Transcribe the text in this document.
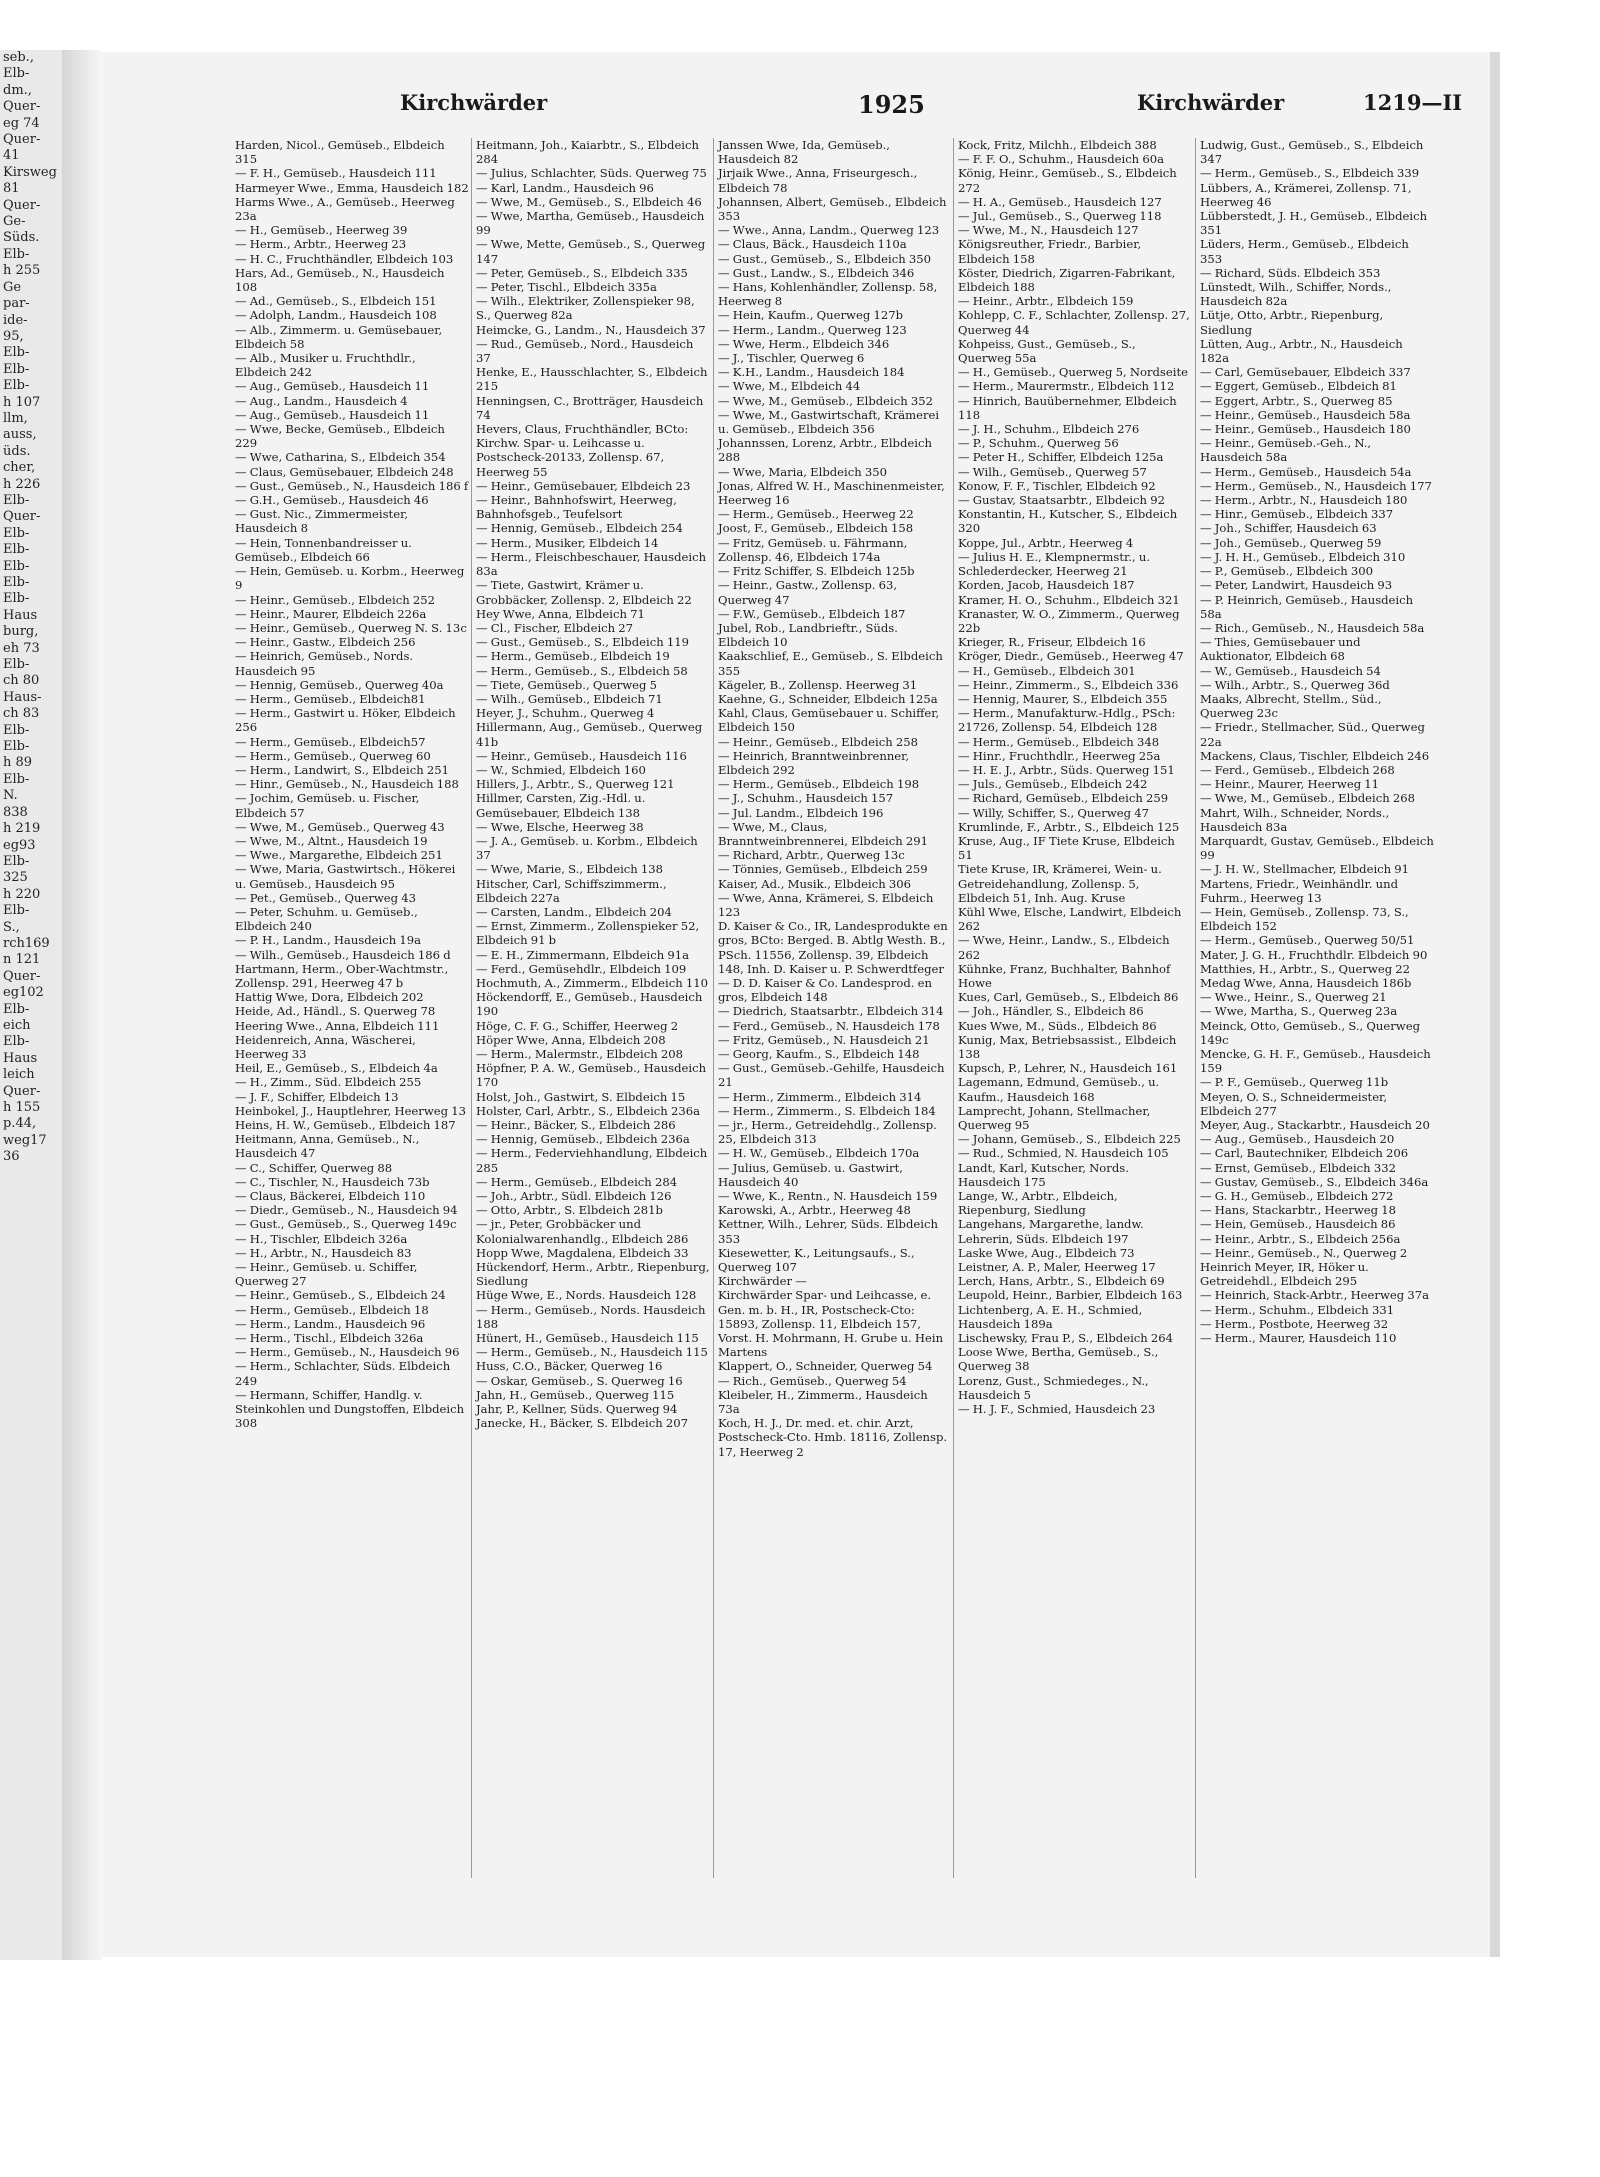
seb.,
Elb-
dm.,
Quer-
eg 74
Quer-
41
Kirsweg
81
Quer-
Ge-
Süds.
Elb-
h 255
Ge
par-
ide-
95,
Elb-
Elb-
Elb-
h 107
llm,
auss,
üds.
cher,
h 226
Elb-
Quer-
Elb-
Elb-
Elb-
Elb-
Elb-
Haus
burg,
eh 73
Elb-
ch 80
Haus-
ch 83
Elb-
Elb-
h 89
Elb-
N.
838
h 219
eg93
Elb-
325
h 220
Elb-
S.,
rch169
n 121
Quer-
eg102
Elb-
eich
Elb-
Haus
leich
Quer-
h 155
p.44,
weg17
36
Kirchwärder	1925	Kirchwärder	1219—II
Harden, Nicol., Gemüseb., Elbdeich 315
— F. H., Gemüseb., Hausdeich 111
Harmeyer Wwe., Emma, Hausdeich 182
Harms Wwe., A., Gemüseb., Heerweg 23a
— H., Gemüseb., Heerweg 39
— Herm., Arbtr., Heerweg 23
— H. C., Fruchthändler, Elbdeich 103
Hars, Ad., Gemüseb., N., Hausdeich 108
— Ad., Gemüseb., S., Elbdeich 151
— Adolph, Landm., Hausdeich 108
— Alb., Zimmerm. u. Gemüsebauer, Elbdeich 58
— Alb., Musiker u. Fruchthdlr., Elbdeich 242
— Aug., Gemüseb., Hausdeich 11
— Aug., Landm., Hausdeich 4
— Aug., Gemüseb., Hausdeich 11
— Wwe, Becke, Gemüseb., Elbdeich 229
— Wwe, Catharina, S., Elbdeich 354
— Claus, Gemüsebauer, Elbdeich 248
— Gust., Gemüseb., N., Hausdeich 186 f
— G.H., Gemüseb., Hausdeich 46
— Gust. Nic., Zimmermeister, Hausdeich 8
— Hein, Tonnenbandreisser u. Gemüseb., Elbdeich 66
— Hein, Gemüseb. u. Korbm., Heerweg 9
— Heinr., Gemüseb., Elbdeich 252
— Heinr., Maurer, Elbdeich 226a
— Heinr., Gemüseb., Querweg N. S. 13c
— Heinr., Gastw., Elbdeich 256
— Heinrich, Gemüseb., Nords. Hausdeich 95
— Hennig, Gemüseb., Querweg 40a
— Herm., Gemüseb., Elbdeich81
— Herm., Gastwirt u. Höker, Elbdeich 256
— Herm., Gemüseb., Elbdeich57
— Herm., Gemüseb., Querweg 60
— Herm., Landwirt, S., Elbdeich 251
— Hinr., Gemüseb., N., Hausdeich 188
— Jochim, Gemüseb. u. Fischer, Elbdeich 57
— Wwe, M., Gemüseb., Querweg 43
— Wwe, M., Altnt., Hausdeich 19
— Wwe., Margarethe, Elbdeich 251
— Wwe, Maria, Gastwirtsch., Hökerei u. Gemüseb., Hausdeich 95
— Pet., Gemüseb., Querweg 43
— Peter, Schuhm. u. Gemüseb., Elbdeich 240
— P. H., Landm., Hausdeich 19a
— Wilh., Gemüseb., Hausdeich 186 d
Hartmann, Herm., Ober-Wachtmstr., Zollensp. 291, Heerweg 47 b
Hattig Wwe, Dora, Elbdeich 202
Heide, Ad., Händl., S. Querweg 78
Heering Wwe., Anna, Elbdeich 111
Heidenreich, Anna, Wäscherei, Heerweg 33
Heil, E., Gemüseb., S., Elbdeich 4a
— H., Zimm., Süd. Elbdeich 255
— J. F., Schiffer, Elbdeich 13
Heinbokel, J., Hauptlehrer, Heerweg 13
Heins, H. W., Gemüseb., Elbdeich 187
Heitmann, Anna, Gemüseb., N., Hausdeich 47
— C., Schiffer, Querweg 88
— C., Tischler, N., Hausdeich 73b
— Claus, Bäckerei, Elbdeich 110
— Diedr., Gemüseb., N., Hausdeich 94
— Gust., Gemüseb., S., Querweg 149c
— H., Tischler, Elbdeich 326a
— H., Arbtr., N., Hausdeich 83
— Heinr., Gemüseb. u. Schiffer, Querweg 27
— Heinr., Gemüseb., S., Elbdeich 24
— Herm., Gemüseb., Elbdeich 18
— Herm., Landm., Hausdeich 96
— Herm., Tischl., Elbdeich 326a
— Herm., Gemüseb., N., Hausdeich 96
— Herm., Schlachter, Süds. Elbdeich 249
— Hermann, Schiffer, Handlg. v. Steinkohlen und Dungstoffen, Elbdeich 308
Heitmann, Joh., Kaiarbtr., S., Elbdeich 284
— Julius, Schlachter, Süds. Querweg 75
— Karl, Landm., Hausdeich 96
— Wwe, M., Gemüseb., S., Elbdeich 46
— Wwe, Martha, Gemüseb., Hausdeich 99
— Wwe, Mette, Gemüseb., S., Querweg 147
— Peter, Gemüseb., S., Elbdeich 335
— Peter, Tischl., Elbdeich 335a
— Wilh., Elektriker, Zollenspieker 98, S., Querweg 82a
Heimcke, G., Landm., N., Hausdeich 37
— Rud., Gemüseb., Nord., Hausdeich 37
Henke, E., Hausschlachter, S., Elbdeich 215
Henningsen, C., Brotträger, Hausdeich 74
Hevers, Claus, Fruchthändler, BCto: Kirchw. Spar- u. Leihcasse u. Postscheck-20133, Zollensp. 67, Heerweg 55
— Heinr., Gemüsebauer, Elbdeich 23
— Heinr., Bahnhofswirt, Heerweg, Bahnhofsgeb., Teufelsort
— Hennig, Gemüseb., Elbdeich 254
— Herm., Musiker, Elbdeich 14
— Herm., Fleischbeschauer, Hausdeich 83a
— Tiete, Gastwirt, Krämer u. Grobbäcker, Zollensp. 2, Elbdeich 22
Hey Wwe, Anna, Elbdeich 71
— Cl., Fischer, Elbdeich 27
— Gust., Gemüseb., S., Elbdeich 119
— Herm., Gemüseb., Elbdeich 19
— Herm., Gemüseb., S., Elbdeich 58
— Tiete, Gemüseb., Querweg 5
— Wilh., Gemüseb., Elbdeich 71
Heyer, J., Schuhm., Querweg 4
Hillermann, Aug., Gemüseb., Querweg 41b
— Heinr., Gemüseb., Hausdeich 116
— W., Schmied, Elbdeich 160
Hillers, J., Arbtr., S., Querweg 121
Hillmer, Carsten, Zig.-Hdl. u. Gemüsebauer, Elbdeich 138
— Wwe, Elsche, Heerweg 38
— J. A., Gemüseb. u. Korbm., Elbdeich 37
— Wwe, Marie, S., Elbdeich 138
Hitscher, Carl, Schiffszimmerm., Elbdeich 227a
— Carsten, Landm., Elbdeich 204
— Ernst, Zimmerm., Zollenspieker 52, Elbdeich 91 b
— E. H., Zimmermann, Elbdeich 91a
— Ferd., Gemüsehdlr., Elbdeich 109
Hochmuth, A., Zimmerm., Elbdeich 110
Höckendorff, E., Gemüseb., Hausdeich 190
Höge, C. F. G., Schiffer, Heerweg 2
Höper Wwe, Anna, Elbdeich 208
— Herm., Malermstr., Elbdeich 208
Höpfner, P. A. W., Gemüseb., Hausdeich 170
Holst, Joh., Gastwirt, S. Elbdeich 15
Holster, Carl, Arbtr., S., Elbdeich 236a
— Heinr., Bäcker, S., Elbdeich 286
— Hennig, Gemüseb., Elbdeich 236a
— Herm., Federviehhandlung, Elbdeich 285
— Herm., Gemüseb., Elbdeich 284
— Joh., Arbtr., Südl. Elbdeich 126
— Otto, Arbtr., S. Elbdeich 281b
— jr., Peter, Grobbäcker und Kolonialwarenhandlg., Elbdeich 286
Hopp Wwe, Magdalena, Elbdeich 33
Hückendorf, Herm., Arbtr., Riepenburg, Siedlung
Hüge Wwe, E., Nords. Hausdeich 128
— Herm., Gemüseb., Nords. Hausdeich 188
Hünert, H., Gemüseb., Hausdeich 115
— Herm., Gemüseb., N., Hausdeich 115
Huss, C.O., Bäcker, Querweg 16
— Oskar, Gemüseb., S. Querweg 16
Jahn, H., Gemüseb., Querweg 115
Jahr, P., Kellner, Süds. Querweg 94
Janecke, H., Bäcker, S. Elbdeich 207
Janssen Wwe, Ida, Gemüseb., Hausdeich 82
Jirjaik Wwe., Anna, Friseurgesch., Elbdeich 78
Johannsen, Albert, Gemüseb., Elbdeich 353
— Wwe., Anna, Landm., Querweg 123
— Claus, Bäck., Hausdeich 110a
— Gust., Gemüseb., S., Elbdeich 350
— Gust., Landw., S., Elbdeich 346
— Hans, Kohlenhändler, Zollensp. 58, Heerweg 8
— Hein, Kaufm., Querweg 127b
— Herm., Landm., Querweg 123
— Wwe, Herm., Elbdeich 346
— J., Tischler, Querweg 6
— K.H., Landm., Hausdeich 184
— Wwe, M., Elbdeich 44
— Wwe, M., Gemüseb., Elbdeich 352
— Wwe, M., Gastwirtschaft, Krämerei u. Gemüseb., Elbdeich 356
Johannssen, Lorenz, Arbtr., Elbdeich 288
— Wwe, Maria, Elbdeich 350
Jonas, Alfred W. H., Maschinenmeister, Heerweg 16
— Herm., Gemüseb., Heerweg 22
Joost, F., Gemüseb., Elbdeich 158
— Fritz, Gemüseb. u. Fährmann, Zollensp. 46, Elbdeich 174a
— Fritz Schiffer, S. Elbdeich 125b
— Heinr., Gastw., Zollensp. 63, Querweg 47
— F.W., Gemüseb., Elbdeich 187
Jubel, Rob., Landbrieftr., Süds. Elbdeich 10
Kaakschlief, E., Gemüseb., S. Elbdeich 355
Kägeler, B., Zollensp. Heerweg 31
Kaehne, G., Schneider, Elbdeich 125a
Kahl, Claus, Gemüsebauer u. Schiffer, Elbdeich 150
— Heinr., Gemüseb., Elbdeich 258
— Heinrich, Branntweinbrenner, Elbdeich 292
— Herm., Gemüseb., Elbdeich 198
— J., Schuhm., Hausdeich 157
— Jul. Landm., Elbdeich 196
— Wwe, M., Claus, Branntweinbrennerei, Elbdeich 291
— Richard, Arbtr., Querweg 13c
— Tönnies, Gemüseb., Elbdeich 259
Kaiser, Ad., Musik., Elbdeich 306
— Wwe, Anna, Krämerei, S. Elbdeich 123
D. Kaiser & Co., IR, Landesprodukte en gros, BCto: Berged. B. Abtlg Westh. B., PSch. 11556, Zollensp. 39, Elbdeich 148, Inh. D. Kaiser u. P. Schwerdtfeger
— D. D. Kaiser & Co. Landesprod. en gros, Elbdeich 148
— Diedrich, Staatsarbtr., Elbdeich 314
— Ferd., Gemüseb., N. Hausdeich 178
— Fritz, Gemüseb., N. Hausdeich 21
— Georg, Kaufm., S., Elbdeich 148
— Gust., Gemüseb.-Gehilfe, Hausdeich 21
— Herm., Zimmerm., Elbdeich 314
— Herm., Zimmerm., S. Elbdeich 184
— jr., Herm., Getreidehdlg., Zollensp. 25, Elbdeich 313
— H. W., Gemüseb., Elbdeich 170a
— Julius, Gemüseb. u. Gastwirt, Hausdeich 40
— Wwe, K., Rentn., N. Hausdeich 159
Karowski, A., Arbtr., Heerweg 48
Kettner, Wilh., Lehrer, Süds. Elbdeich 353
Kiesewetter, K., Leitungsaufs., S., Querweg 107
Kirchwärder —
Kirchwärder Spar- und Leihcasse, e. Gen. m. b. H., IR, Postscheck-Cto: 15893, Zollensp. 11, Elbdeich 157, Vorst. H. Mohrmann, H. Grube u. Hein Martens
Klappert, O., Schneider, Querweg 54
— Rich., Gemüseb., Querweg 54
Kleibeler, H., Zimmerm., Hausdeich 73a
Koch, H. J., Dr. med. et. chir. Arzt, Postscheck-Cto. Hmb. 18116, Zollensp. 17, Heerweg 2
Kock, Fritz, Milchh., Elbdeich 388
— F. F. O., Schuhm., Hausdeich 60a
König, Heinr., Gemüseb., S., Elbdeich 272
— H. A., Gemüseb., Hausdeich 127
— Jul., Gemüseb., S., Querweg 118
— Wwe, M., N., Hausdeich 127
Königsreuther, Friedr., Barbier, Elbdeich 158
Köster, Diedrich, Zigarren-Fabrikant, Elbdeich 188
— Heinr., Arbtr., Elbdeich 159
Kohlepp, C. F., Schlachter, Zollensp. 27, Querweg 44
Kohpeiss, Gust., Gemüseb., S., Querweg 55a
— H., Gemüseb., Querweg 5, Nordseite
— Herm., Maurermstr., Elbdeich 112
— Hinrich, Bauübernehmer, Elbdeich 118
— J. H., Schuhm., Elbdeich 276
— P., Schuhm., Querweg 56
— Peter H., Schiffer, Elbdeich 125a
— Wilh., Gemüseb., Querweg 57
Konow, F. F., Tischler, Elbdeich 92
— Gustav, Staatsarbtr., Elbdeich 92
Konstantin, H., Kutscher, S., Elbdeich 320
Koppe, Jul., Arbtr., Heerweg 4
— Julius H. E., Klempnermstr., u. Schlederdecker, Heerweg 21
Korden, Jacob, Hausdeich 187
Kramer, H. O., Schuhm., Elbdeich 321
Kranaster, W. O., Zimmerm., Querweg 22b
Krieger, R., Friseur, Elbdeich 16
Kröger, Diedr., Gemüseb., Heerweg 47
— H., Gemüseb., Elbdeich 301
— Heinr., Zimmerm., S., Elbdeich 336
— Hennig, Maurer, S., Elbdeich 355
— Herm., Manufakturw.-Hdlg., PSch: 21726, Zollensp. 54, Elbdeich 128
— Herm., Gemüseb., Elbdeich 348
— Hinr., Fruchthdlr., Heerweg 25a
— H. E. J., Arbtr., Süds. Querweg 151
— Juls., Gemüseb., Elbdeich 242
— Richard, Gemüseb., Elbdeich 259
— Willy, Schiffer, S., Querweg 47
Krumlinde, F., Arbtr., S., Elbdeich 125
Kruse, Aug., IF Tiete Kruse, Elbdeich 51
Tiete Kruse, IR, Krämerei, Wein- u. Getreidehandlung, Zollensp. 5, Elbdeich 51, Inh. Aug. Kruse
Kühl Wwe, Elsche, Landwirt, Elbdeich 262
— Wwe, Heinr., Landw., S., Elbdeich 262
Kühnke, Franz, Buchhalter, Bahnhof Howe
Kues, Carl, Gemüseb., S., Elbdeich 86
— Joh., Händler, S., Elbdeich 86
Kues Wwe, M., Süds., Elbdeich 86
Kunig, Max, Betriebsassist., Elbdeich 138
Kupsch, P., Lehrer, N., Hausdeich 161
Lagemann, Edmund, Gemüseb., u. Kaufm., Hausdeich 168
Lamprecht, Johann, Stellmacher, Querweg 95
— Johann, Gemüseb., S., Elbdeich 225
— Rud., Schmied, N. Hausdeich 105
Landt, Karl, Kutscher, Nords. Hausdeich 175
Lange, W., Arbtr., Elbdeich, Riepenburg, Siedlung
Langehans, Margarethe, landw. Lehrerin, Süds. Elbdeich 197
Laske Wwe, Aug., Elbdeich 73
Leistner, A. P., Maler, Heerweg 17
Lerch, Hans, Arbtr., S., Elbdeich 69
Leupold, Heinr., Barbier, Elbdeich 163
Lichtenberg, A. E. H., Schmied, Hausdeich 189a
Lischewsky, Frau P., S., Elbdeich 264
Loose Wwe, Bertha, Gemüseb., S., Querweg 38
Lorenz, Gust., Schmiedeges., N., Hausdeich 5
— H. J. F., Schmied, Hausdeich 23
Ludwig, Gust., Gemüseb., S., Elbdeich 347
— Herm., Gemüseb., S., Elbdeich 339
Lübbers, A., Krämerei, Zollensp. 71, Heerweg 46
Lübberstedt, J. H., Gemüseb., Elbdeich 351
Lüders, Herm., Gemüseb., Elbdeich 353
— Richard, Süds. Elbdeich 353
Lünstedt, Wilh., Schiffer, Nords., Hausdeich 82a
Lütje, Otto, Arbtr., Riepenburg, Siedlung
Lütten, Aug., Arbtr., N., Hausdeich 182a
— Carl, Gemüsebauer, Elbdeich 337
— Eggert, Gemüseb., Elbdeich 81
— Eggert, Arbtr., S., Querweg 85
— Heinr., Gemüseb., Hausdeich 58a
— Heinr., Gemüseb., Hausdeich 180
— Heinr., Gemüseb.-Geh., N., Hausdeich 58a
— Herm., Gemüseb., Hausdeich 54a
— Herm., Gemüseb., N., Hausdeich 177
— Herm., Arbtr., N., Hausdeich 180
— Hinr., Gemüseb., Elbdeich 337
— Joh., Schiffer, Hausdeich 63
— Joh., Gemüseb., Querweg 59
— J. H. H., Gemüseb., Elbdeich 310
— P., Gemüseb., Elbdeich 300
— Peter, Landwirt, Hausdeich 93
— P. Heinrich, Gemüseb., Hausdeich 58a
— Rich., Gemüseb., N., Hausdeich 58a
— Thies, Gemüsebauer und Auktionator, Elbdeich 68
— W., Gemüseb., Hausdeich 54
— Wilh., Arbtr., S., Querweg 36d
Maaks, Albrecht, Stellm., Süd., Querweg 23c
— Friedr., Stellmacher, Süd., Querweg 22a
Mackens, Claus, Tischler, Elbdeich 246
— Ferd., Gemüseb., Elbdeich 268
— Heinr., Maurer, Heerweg 11
— Wwe, M., Gemüseb., Elbdeich 268
Mahrt, Wilh., Schneider, Nords., Hausdeich 83a
Marquardt, Gustav, Gemüseb., Elbdeich 99
— J. H. W., Stellmacher, Elbdeich 91
Martens, Friedr., Weinhändlr. und Fuhrm., Heerweg 13
— Hein, Gemüseb., Zollensp. 73, S., Elbdeich 152
— Herm., Gemüseb., Querweg 50/51
Mater, J. G. H., Fruchthdlr. Elbdeich 90
Matthies, H., Arbtr., S., Querweg 22
Medag Wwe, Anna, Hausdeich 186b
— Wwe., Heinr., S., Querweg 21
— Wwe, Martha, S., Querweg 23a
Meinck, Otto, Gemüseb., S., Querweg 149c
Mencke, G. H. F., Gemüseb., Hausdeich 159
— P. F., Gemüseb., Querweg 11b
Meyen, O. S., Schneidermeister, Elbdeich 277
Meyer, Aug., Stackarbtr., Hausdeich 20
— Aug., Gemüseb., Hausdeich 20
— Carl, Bautechniker, Elbdeich 206
— Ernst, Gemüseb., Elbdeich 332
— Gustav, Gemüseb., S., Elbdeich 346a
— G. H., Gemüseb., Elbdeich 272
— Hans, Stackarbtr., Heerweg 18
— Hein, Gemüseb., Hausdeich 86
— Heinr., Arbtr., S., Elbdeich 256a
— Heinr., Gemüseb., N., Querweg 2
Heinrich Meyer, IR, Höker u. Getreidehdl., Elbdeich 295
— Heinrich, Stack-Arbtr., Heerweg 37a
— Herm., Schuhm., Elbdeich 331
— Herm., Postbote, Heerweg 32
— Herm., Maurer, Hausdeich 110
